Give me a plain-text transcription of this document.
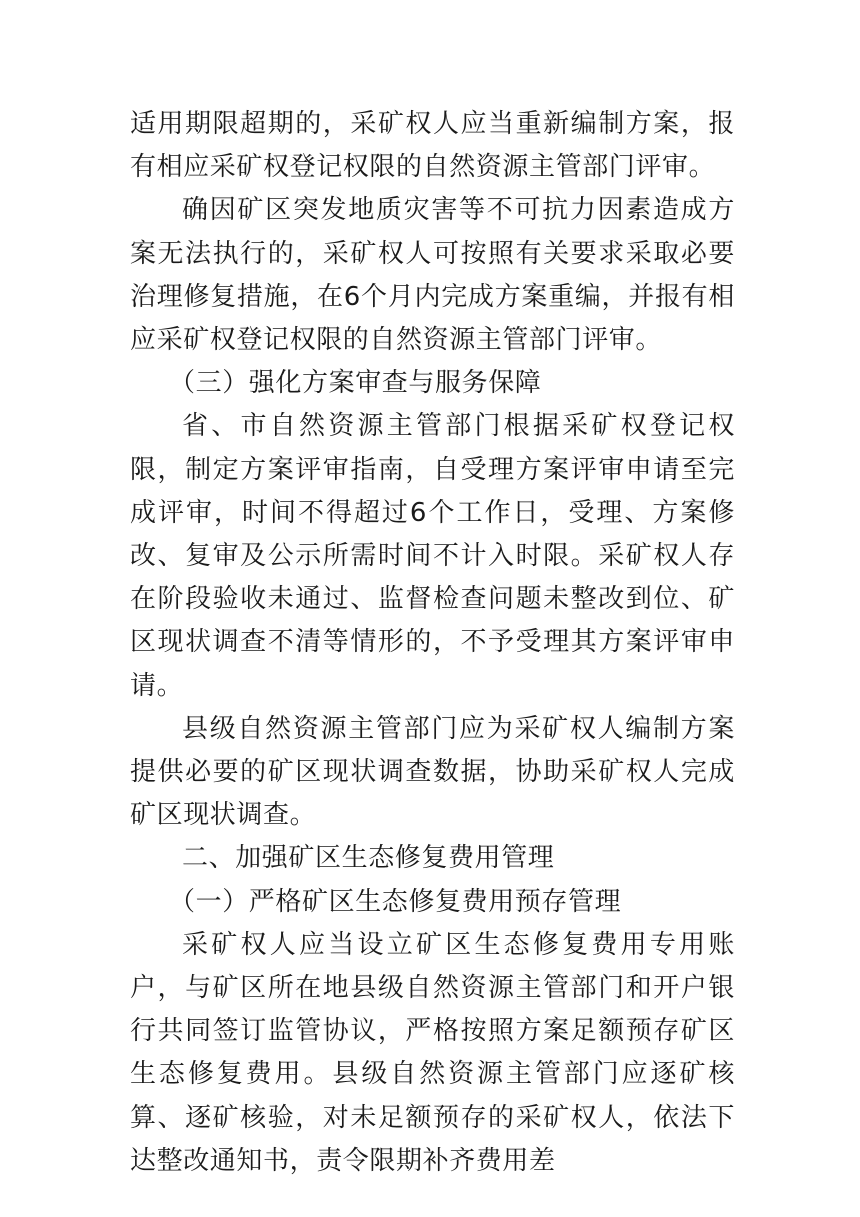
适用期限超期的，采矿权人应当重新编制方案，报有相应采矿权登记权限的自然资源主管部门评审。

确因矿区突发地质灾害等不可抗力因素造成方案无法执行的，采矿权人可按照有关要求采取必要治理修复措施，在6个月内完成方案重编，并报有相应采矿权登记权限的自然资源主管部门评审。

（三）强化方案审查与服务保障

省、市自然资源主管部门根据采矿权登记权限，制定方案评审指南，自受理方案评审申请至完成评审，时间不得超过6个工作日，受理、方案修改、复审及公示所需时间不计入时限。采矿权人存在阶段验收未通过、监督检查问题未整改到位、矿区现状调查不清等情形的，不予受理其方案评审申请。

县级自然资源主管部门应为采矿权人编制方案提供必要的矿区现状调查数据，协助采矿权人完成矿区现状调查。

二、加强矿区生态修复费用管理

（一）严格矿区生态修复费用预存管理

采矿权人应当设立矿区生态修复费用专用账户，与矿区所在地县级自然资源主管部门和开户银行共同签订监管协议，严格按照方案足额预存矿区生态修复费用。县级自然资源主管部门应逐矿核算、逐矿核验，对未足额预存的采矿权人，依法下达整改通知书，责令限期补齐费用差
